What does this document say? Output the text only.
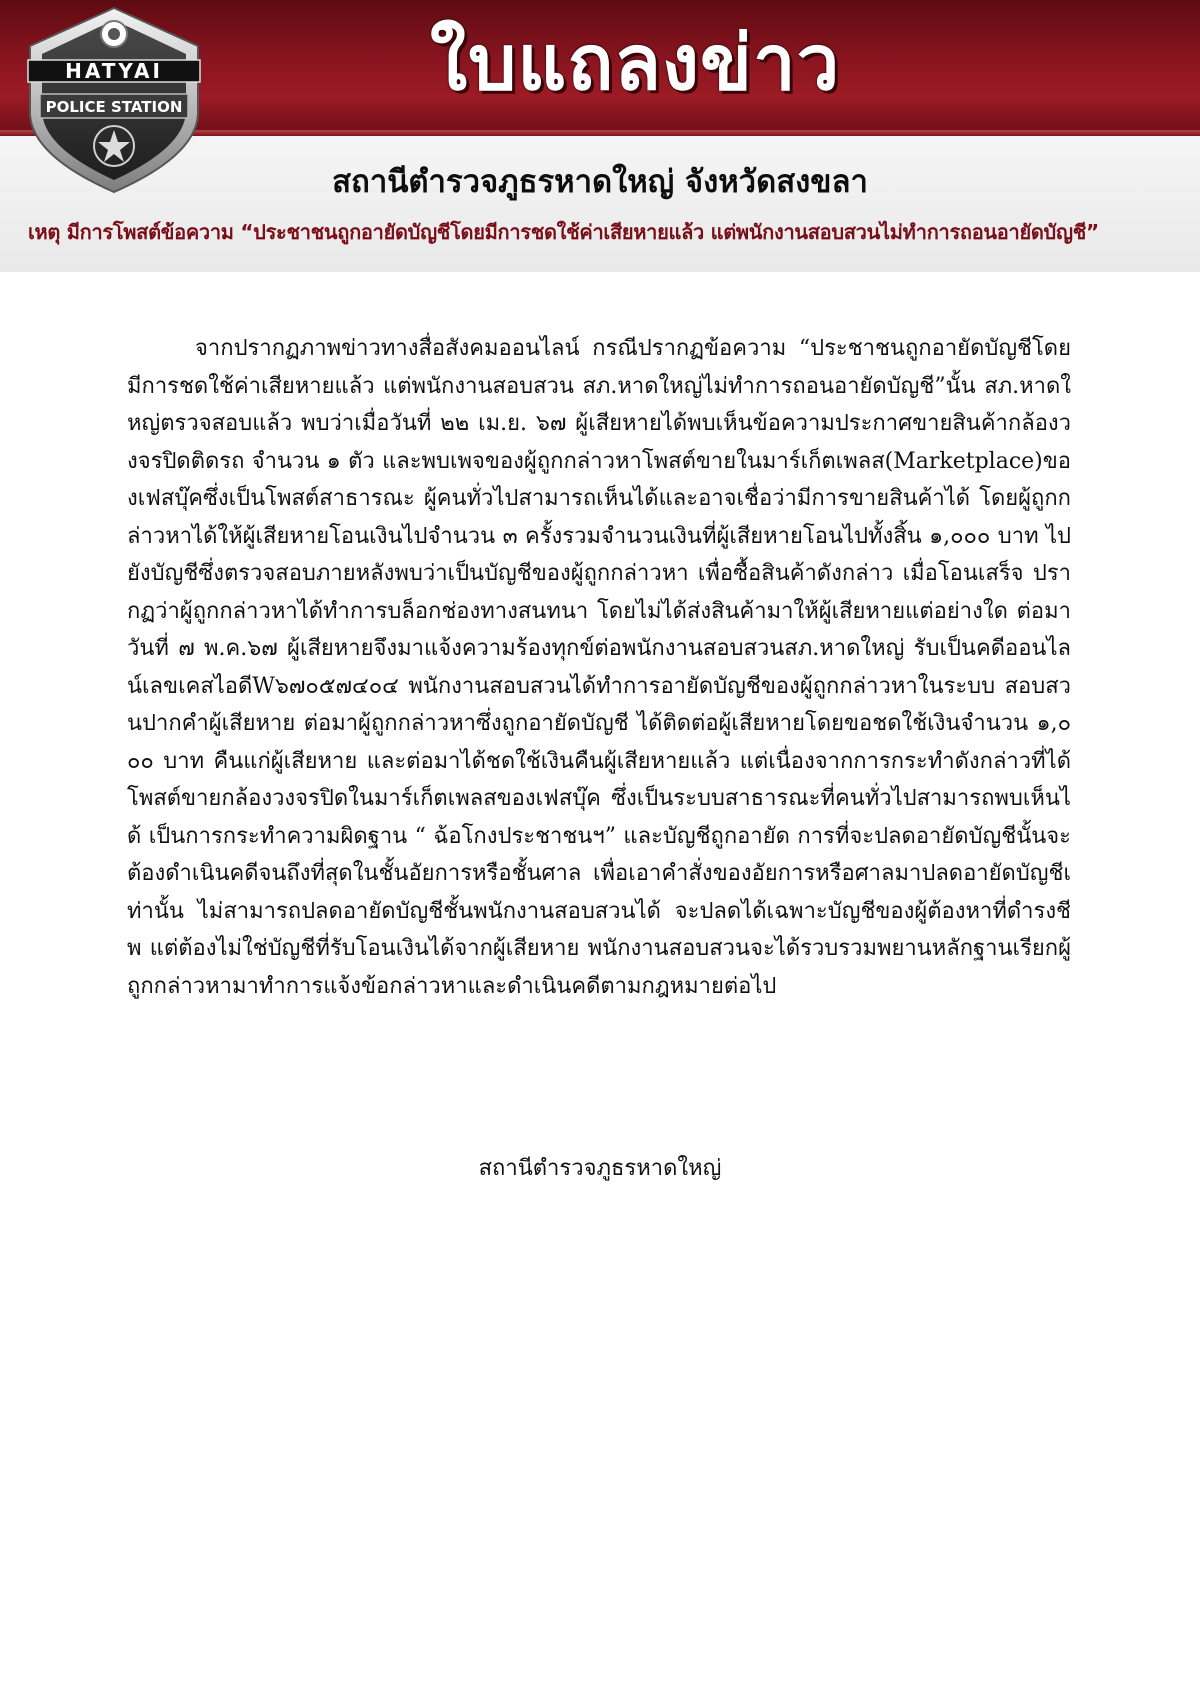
ใบแถลงข่าว
HATYAI
POLICE STATION
สถานีตำรวจภูธรหาดใหญ่ จังหวัดสงขลา
เหตุ มีการโพสต์ข้อความ “ประชาชนถูกอายัดบัญชีโดยมีการชดใช้ค่าเสียหายแล้ว แต่พนักงานสอบสวนไม่ทำการถอนอายัดบัญชี”

จากปรากฏภาพข่าวทางสื่อสังคมออนไลน์ กรณีปรากฏข้อความ “ประชาชนถูกอายัดบัญชีโดยมีการชดใช้ค่าเสียหายแล้ว แต่พนักงานสอบสวน สภ.หาดใหญ่ไม่ทำการถอนอายัดบัญชี”นั้น สภ.หาดใหญ่ตรวจสอบแล้ว พบว่าเมื่อวันที่ ๒๒ เม.ย. ๖๗ ผู้เสียหายได้พบเห็นข้อความประกาศขายสินค้ากล้องวงจรปิดติดรถ จำนวน ๑ ตัว และพบเพจของผู้ถูกกล่าวหาโพสต์ขายในมาร์เก็ตเพลส(Marketplace)ของเฟสบุ๊คซึ่งเป็นโพสต์สาธารณะ ผู้คนทั่วไปสามารถเห็นได้และอาจเชื่อว่ามีการขายสินค้าได้ โดยผู้ถูกกล่าวหาได้ให้ผู้เสียหายโอนเงินไปจำนวน ๓ ครั้งรวมจำนวนเงินที่ผู้เสียหายโอนไปทั้งสิ้น ๑,๐๐๐ บาท ไปยังบัญชีซึ่งตรวจสอบภายหลังพบว่าเป็นบัญชีของผู้ถูกกล่าวหา เพื่อซื้อสินค้าดังกล่าว เมื่อโอนเสร็จ ปรากฏว่าผู้ถูกกล่าวหาได้ทำการบล็อกช่องทางสนทนา โดยไม่ได้ส่งสินค้ามาให้ผู้เสียหายแต่อย่างใด ต่อมาวันที่ ๗ พ.ค.๖๗ ผู้เสียหายจึงมาแจ้งความร้องทุกข์ต่อพนักงานสอบสวนสภ.หาดใหญ่ รับเป็นคดีออนไลน์เลขเคสไอดีW๖๗๐๕๗๔๐๔ พนักงานสอบสวนได้ทำการอายัดบัญชีของผู้ถูกกล่าวหาในระบบ สอบสวนปากคำผู้เสียหาย ต่อมาผู้ถูกกล่าวหาซึ่งถูกอายัดบัญชี ได้ติดต่อผู้เสียหายโดยขอชดใช้เงินจำนวน ๑,๐๐๐ บาท คืนแก่ผู้เสียหาย และต่อมาได้ชดใช้เงินคืนผู้เสียหายแล้ว แต่เนื่องจากการกระทำดังกล่าวที่ได้โพสต์ขายกล้องวงจรปิดในมาร์เก็ตเพลสของเฟสบุ๊ค ซึ่งเป็นระบบสาธารณะที่คนทั่วไปสามารถพบเห็นได้ เป็นการกระทำความผิดฐาน “ ฉ้อโกงประชาชนฯ” และบัญชีถูกอายัด การที่จะปลดอายัดบัญชีนั้นจะต้องดำเนินคดีจนถึงที่สุดในชั้นอัยการหรือชั้นศาล เพื่อเอาคำสั่งของอัยการหรือศาลมาปลดอายัดบัญชีเท่านั้น ไม่สามารถปลดอายัดบัญชีชั้นพนักงานสอบสวนได้ จะปลดได้เฉพาะบัญชีของผู้ต้องหาที่ดำรงชีพ แต่ต้องไม่ใช่บัญชีที่รับโอนเงินได้จากผู้เสียหาย พนักงานสอบสวนจะได้รวบรวมพยานหลักฐานเรียกผู้ถูกกล่าวหามาทำการแจ้งข้อกล่าวหาและดำเนินคดีตามกฎหมายต่อไป

สถานีตำรวจภูธรหาดใหญ่
